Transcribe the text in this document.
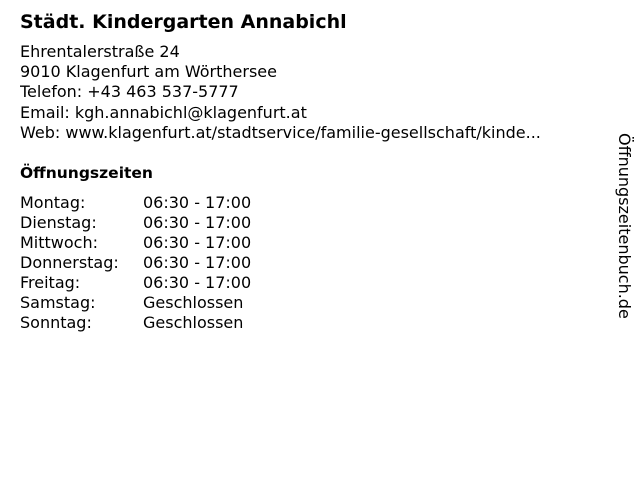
Städt. Kindergarten Annabichl
Ehrentalerstraße 24
9010 Klagenfurt am Wörthersee
Telefon: +43 463 537-5777
Email: kgh.annabichl@klagenfurt.at
Web: www.klagenfurt.at/stadtservice/familie-gesellschaft/kinde...
Öffnungszeiten
Montag:	06:30 - 17:00
Dienstag:	06:30 - 17:00
Mittwoch:	06:30 - 17:00
Donnerstag: 06:30 - 17:00
Freitag:	06:30 - 17:00
Samstag:	Geschlossen
Sonntag:	Geschlossen
Öffnungszeitenbuch.de
